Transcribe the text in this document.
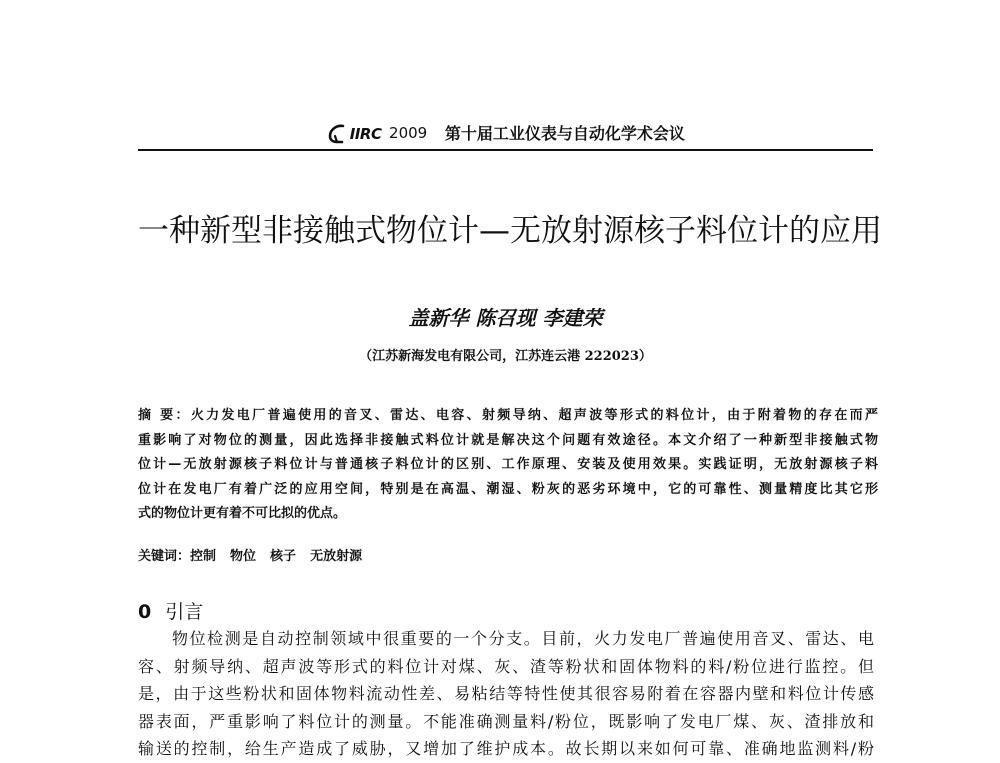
IIRC 2009 第十届工业仪表与自动化学术会议
一种新型非接触式物位计—无放射源核子料位计的应用
盖新华 陈召现 李建荣
（江苏新海发电有限公司，江苏连云港 222023）
摘 要：火力发电厂普遍使用的音叉、雷达、电容、射频导纳、超声波等形式的料位计，由于附着物的存在而严
重影响了对物位的测量，因此选择非接触式料位计就是解决这个问题有效途径。本文介绍了一种新型非接触式物
位计—无放射源核子料位计与普通核子料位计的区别、工作原理、安装及使用效果。实践证明，无放射源核子料
位计在发电厂有着广泛的应用空间，特别是在高温、潮湿、粉灰的恶劣环境中，它的可靠性、测量精度比其它形
式的物位计更有着不可比拟的优点。
关键词：控制 物位 核子 无放射源
0 引言
物位检测是自动控制领域中很重要的一个分支。目前，火力发电厂普遍使用音叉、雷达、电
容、射频导纳、超声波等形式的料位计对煤、灰、渣等粉状和固体物料的料/粉位进行监控。但
是，由于这些粉状和固体物料流动性差、易粘结等特性使其很容易附着在容器内壁和料位计传感
器表面，严重影响了料位计的测量。不能准确测量料/粉位，既影响了发电厂煤、灰、渣排放和
输送的控制，给生产造成了威胁，又增加了维护成本。故长期以来如何可靠、准确地监测料/粉
